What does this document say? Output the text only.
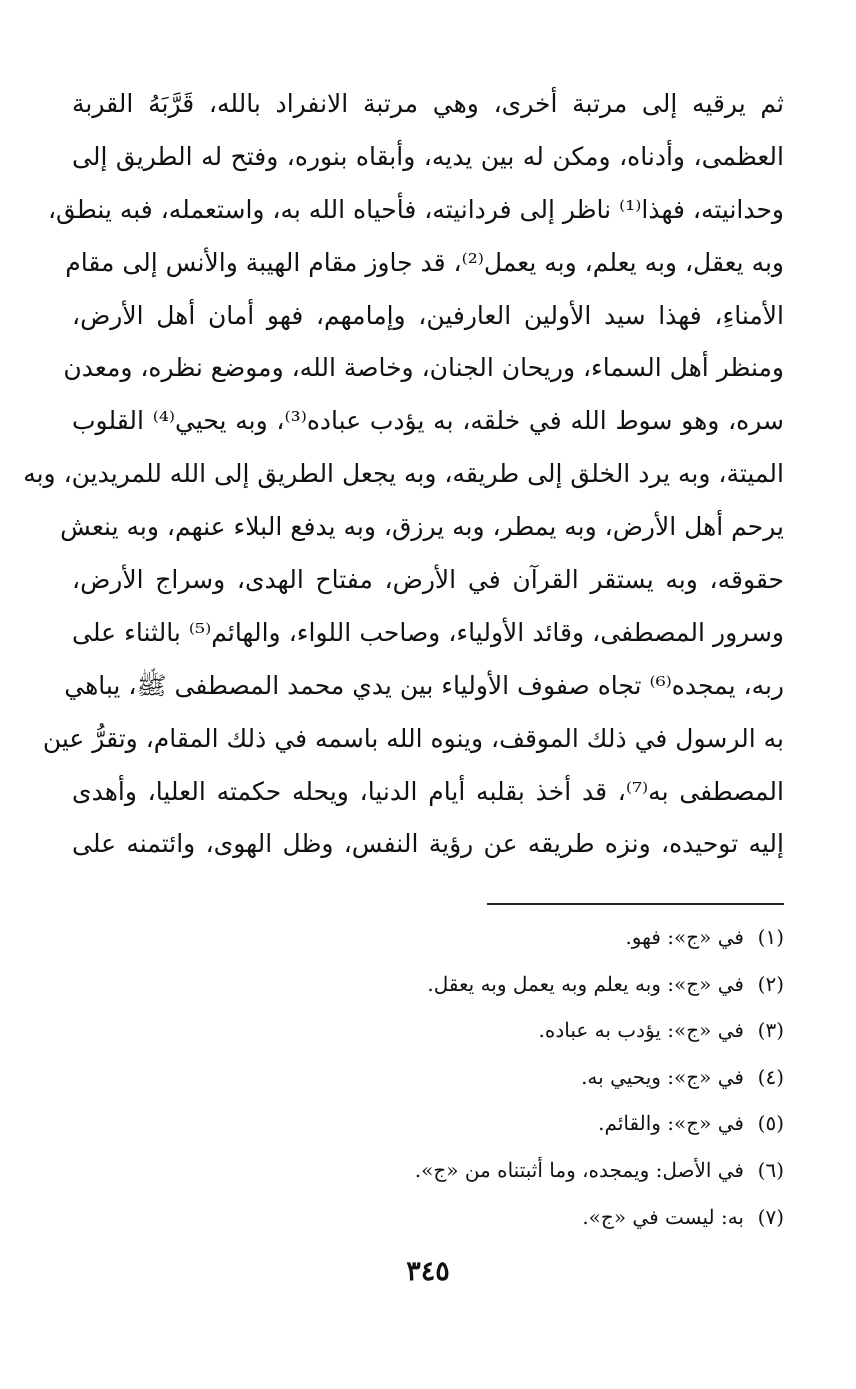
ثم يرقيه إلى مرتبة أخرى، وهي مرتبة الانفراد بالله، قَرَّبَهُ القربة
العظمى، وأدناه، ومكن له بين يديه، وأبقاه بنوره، وفتح له الطريق إلى
وحدانيته، فهذا⁽¹⁾ ناظر إلى فردانيته، فأحياه الله به، واستعمله، فبه ينطق،
وبه يعقل، وبه يعلم، وبه يعمل⁽²⁾، قد جاوز مقام الهيبة والأنس إلى مقام
الأمناءِ، فهذا سيد الأولين العارفين، وإمامهم، فهو أمان أهل الأرض،
ومنظر أهل السماء، وريحان الجنان، وخاصة الله، وموضع نظره، ومعدن
سره، وهو سوط الله في خلقه، به يؤدب عباده⁽³⁾، وبه يحيي⁽⁴⁾ القلوب
الميتة، وبه يرد الخلق إلى طريقه، وبه يجعل الطريق إلى الله للمريدين، وبه
يرحم أهل الأرض، وبه يمطر، وبه يرزق، وبه يدفع البلاء عنهم، وبه ينعش
حقوقه، وبه يستقر القرآن في الأرض، مفتاح الهدى، وسراج الأرض،
وسرور المصطفى، وقائد الأولياء، وصاحب اللواء، والهائم⁽⁵⁾ بالثناء على
ربه، يمجده⁽⁶⁾ تجاه صفوف الأولياء بين يدي محمد المصطفى ﷺ، يباهي
به الرسول في ذلك الموقف، وينوه الله باسمه في ذلك المقام، وتقرُّ عين
المصطفى به⁽⁷⁾، قد أخذ بقلبه أيام الدنيا، ويحله حكمته العليا، وأهدى
إليه توحيده، ونزه طريقه عن رؤية النفس، وظل الهوى، وائتمنه على
(١)
في «ج»: فهو.
(٢)
في «ج»: وبه يعلم وبه يعمل وبه يعقل.
(٣)
في «ج»: يؤدب به عباده.
(٤)
في «ج»: ويحيي به.
(٥)
في «ج»: والقائم.
(٦)
في الأصل: ويمجده، وما أثبتناه من «ج».
(٧)
به: ليست في «ج».
٣٤٥
